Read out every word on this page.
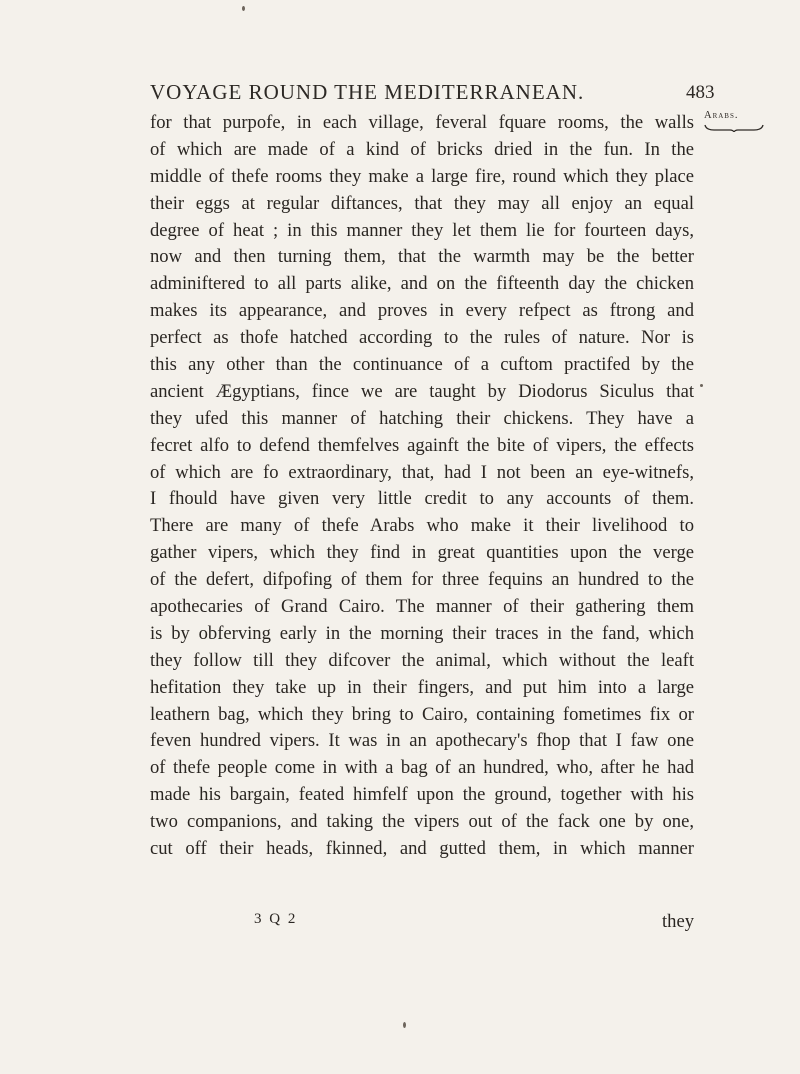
VOYAGE ROUND THE MEDITERRANEAN.	483
Arabs.
for that purpofe, in each village, feveral fquare rooms, the walls
of which are made of a kind of bricks dried in the fun. In the
middle of thefe rooms they make a large fire, round which they place
their eggs at regular diftances, that they may all enjoy an equal
degree of heat ; in this manner they let them lie for fourteen days,
now and then turning them, that the warmth may be the better
adminiftered to all parts alike, and on the fifteenth day the chicken
makes its appearance, and proves in every refpect as ftrong and
perfect as thofe hatched according to the rules of nature. Nor is
this any other than the continuance of a cuftom practifed by the
ancient Ægyptians, fince we are taught by Diodorus Siculus that
they ufed this manner of hatching their chickens. They have a
fecret alfo to defend themfelves againft the bite of vipers, the effects
of which are fo extraordinary, that, had I not been an eye-witnefs,
I fhould have given very little credit to any accounts of them.
There are many of thefe Arabs who make it their livelihood to
gather vipers, which they find in great quantities upon the verge
of the defert, difpofing of them for three fequins an hundred to the
apothecaries of Grand Cairo. The manner of their gathering them
is by obferving early in the morning their traces in the fand, which
they follow till they difcover the animal, which without the leaft
hefitation they take up in their fingers, and put him into a large
leathern bag, which they bring to Cairo, containing fometimes fix or
feven hundred vipers. It was in an apothecary's fhop that I faw one
of thefe people come in with a bag of an hundred, who, after he had
made his bargain, feated himfelf upon the ground, together with his
two companions, and taking the vipers out of the fack one by one,
cut off their heads, fkinned, and gutted them, in which manner
3 Q 2	they
